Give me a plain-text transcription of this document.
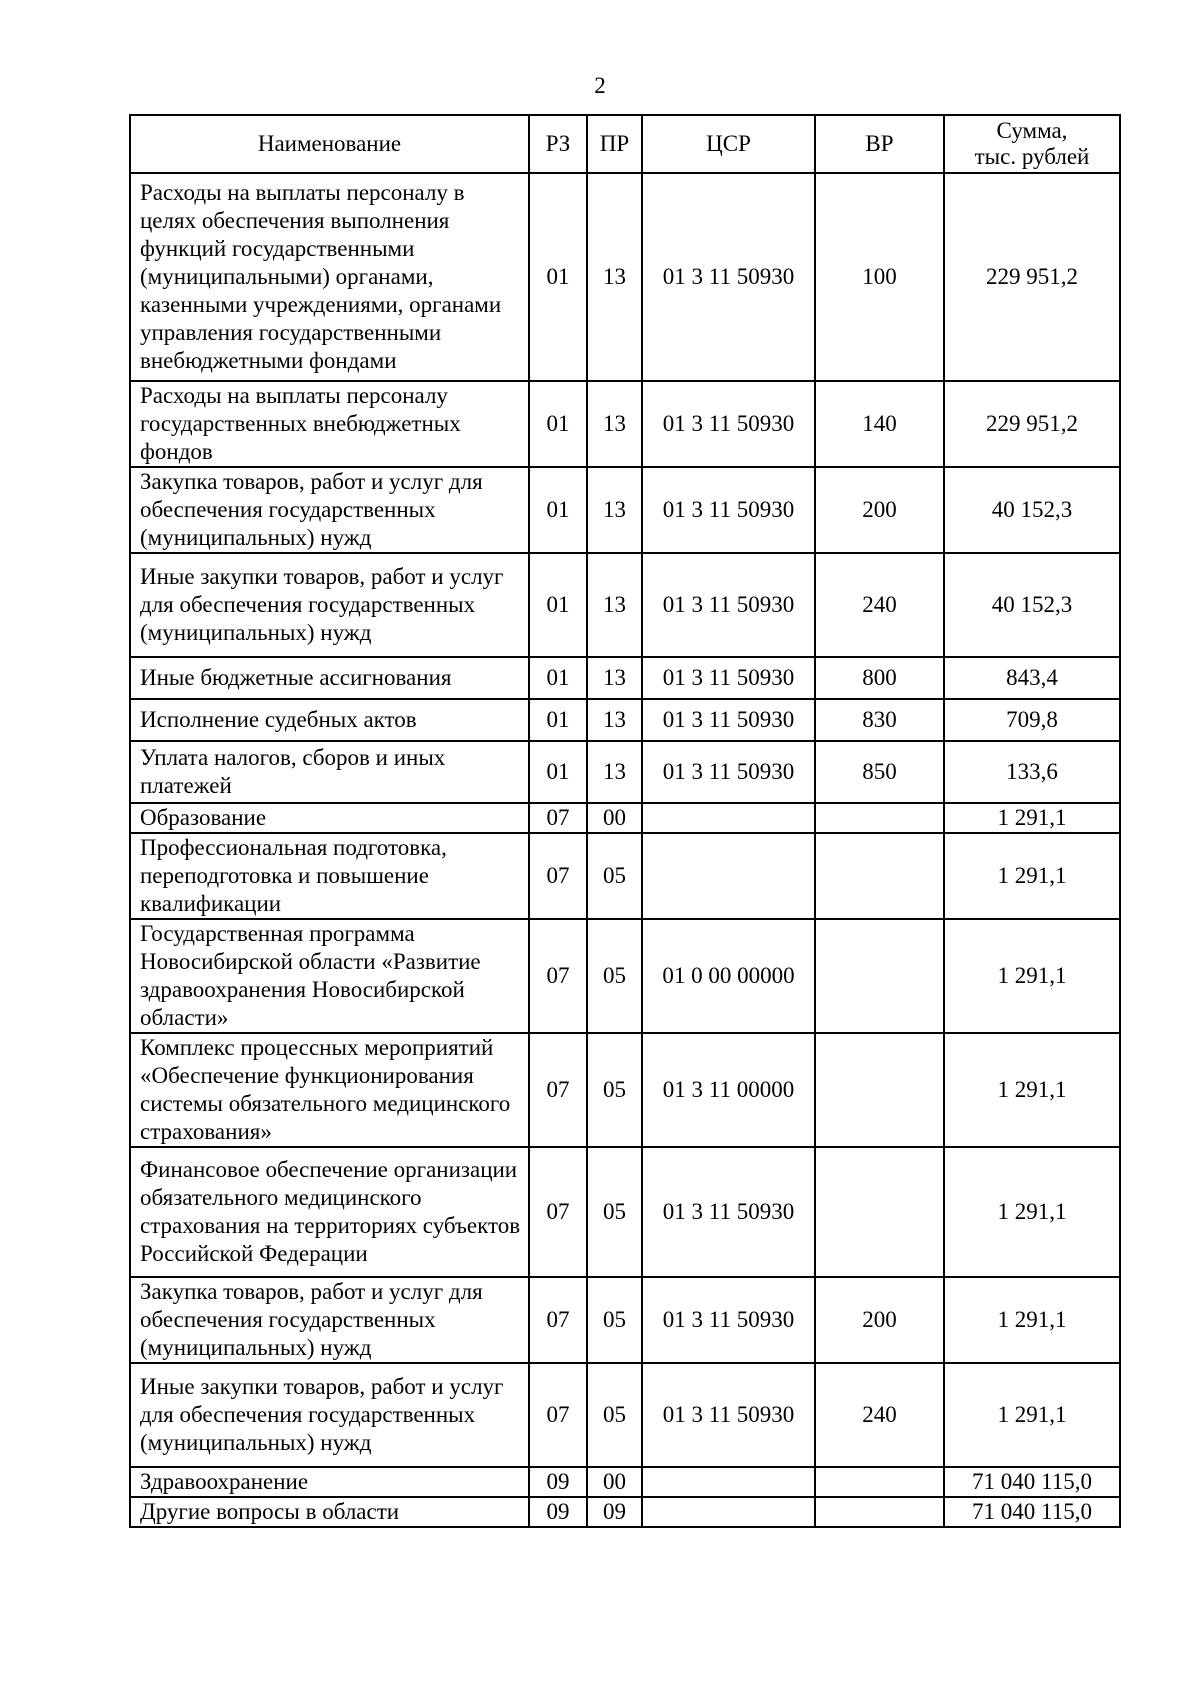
2
Наименование	РЗ	ПР	ЦСР	ВР	Сумма,
тыс. рублей

Расходы на выплаты персоналу в целях обеспечения выполнения функций государственными (муниципальными) органами, казенными учреждениями, органами управления государственными внебюджетными фондами	01	13	01 3 11 50930	100	229 951,2
Расходы на выплаты персоналу государственных внебюджетных фондов	01	13	01 3 11 50930	140	229 951,2
Закупка товаров, работ и услуг для обеспечения государственных (муниципальных) нужд	01	13	01 3 11 50930	200	40 152,3
Иные закупки товаров, работ и услуг для обеспечения государственных (муниципальных) нужд	01	13	01 3 11 50930	240	40 152,3
Иные бюджетные ассигнования	01	13	01 3 11 50930	800	843,4
Исполнение судебных актов	01	13	01 3 11 50930	830	709,8
Уплата налогов, сборов и иных платежей	01	13	01 3 11 50930	850	133,6
Образование	07	00			1 291,1
Профессиональная подготовка, переподготовка и повышение квалификации	07	05			1 291,1
Государственная программа Новосибирской области «Развитие здравоохранения Новосибирской области»	07	05	01 0 00 00000		1 291,1
Комплекс процессных мероприятий «Обеспечение функционирования системы обязательного медицинского страхования»	07	05	01 3 11 00000		1 291,1
Финансовое обеспечение организации обязательного медицинского страхования на территориях субъектов Российской Федерации	07	05	01 3 11 50930		1 291,1
Закупка товаров, работ и услуг для обеспечения государственных (муниципальных) нужд	07	05	01 3 11 50930	200	1 291,1
Иные закупки товаров, работ и услуг для обеспечения государственных (муниципальных) нужд	07	05	01 3 11 50930	240	1 291,1
Здравоохранение	09	00			71 040 115,0
Другие вопросы в области	09	09			71 040 115,0
